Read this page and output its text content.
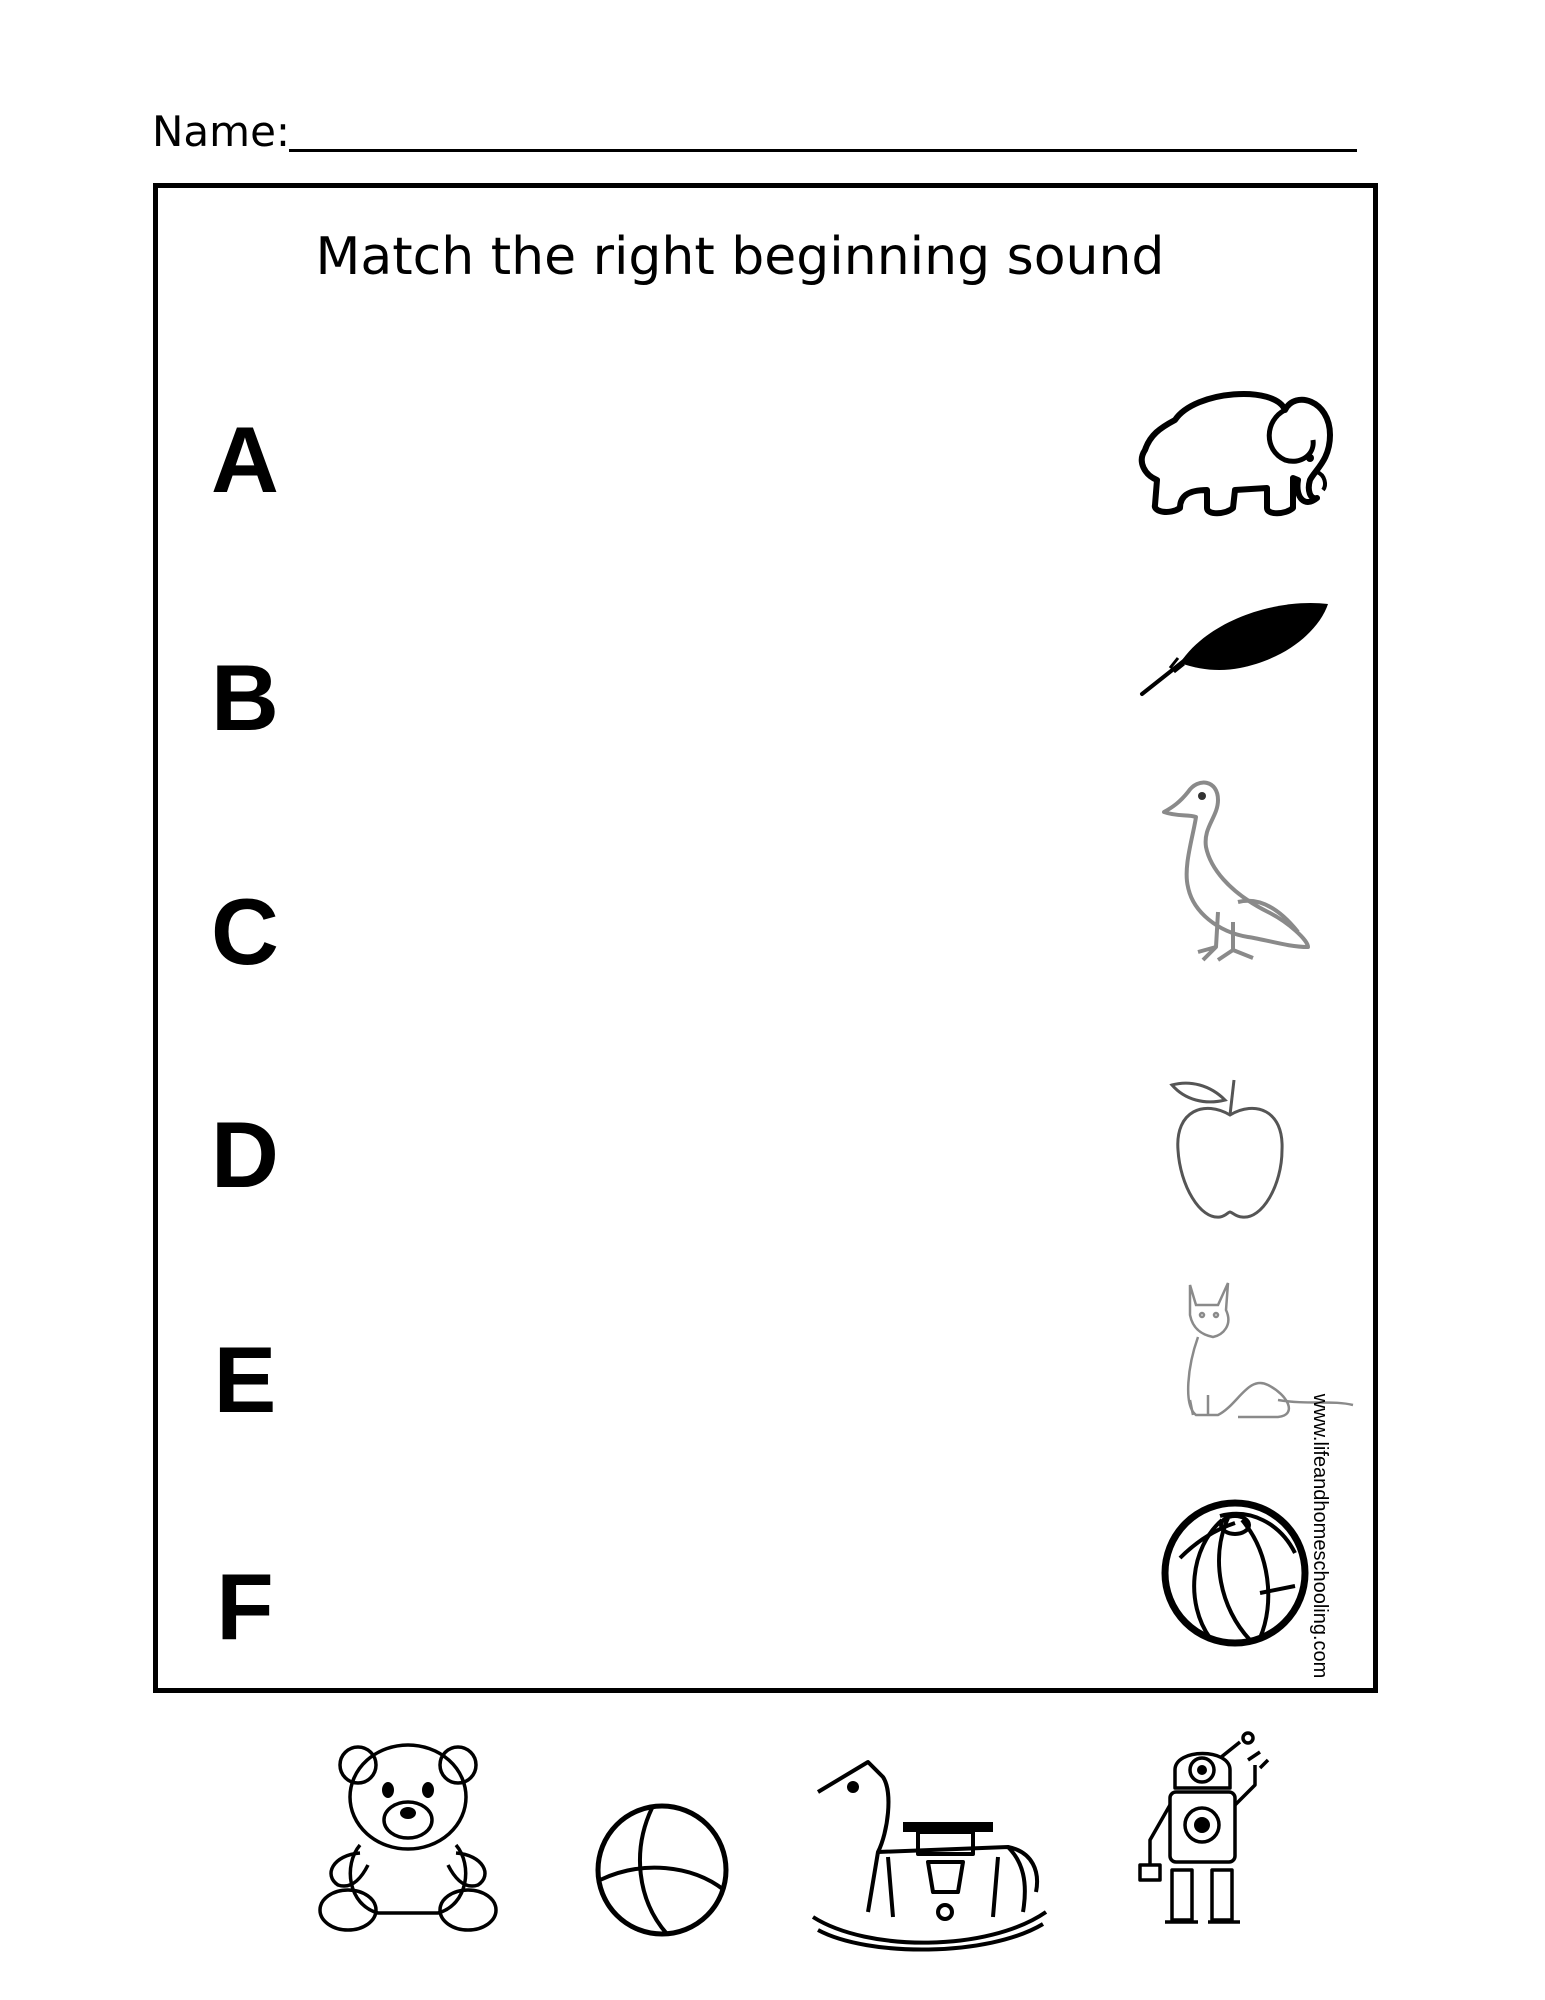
Name:
Match the right beginning sound
A
B
C
D
E
F	www.lifeandhomeschooling.com
